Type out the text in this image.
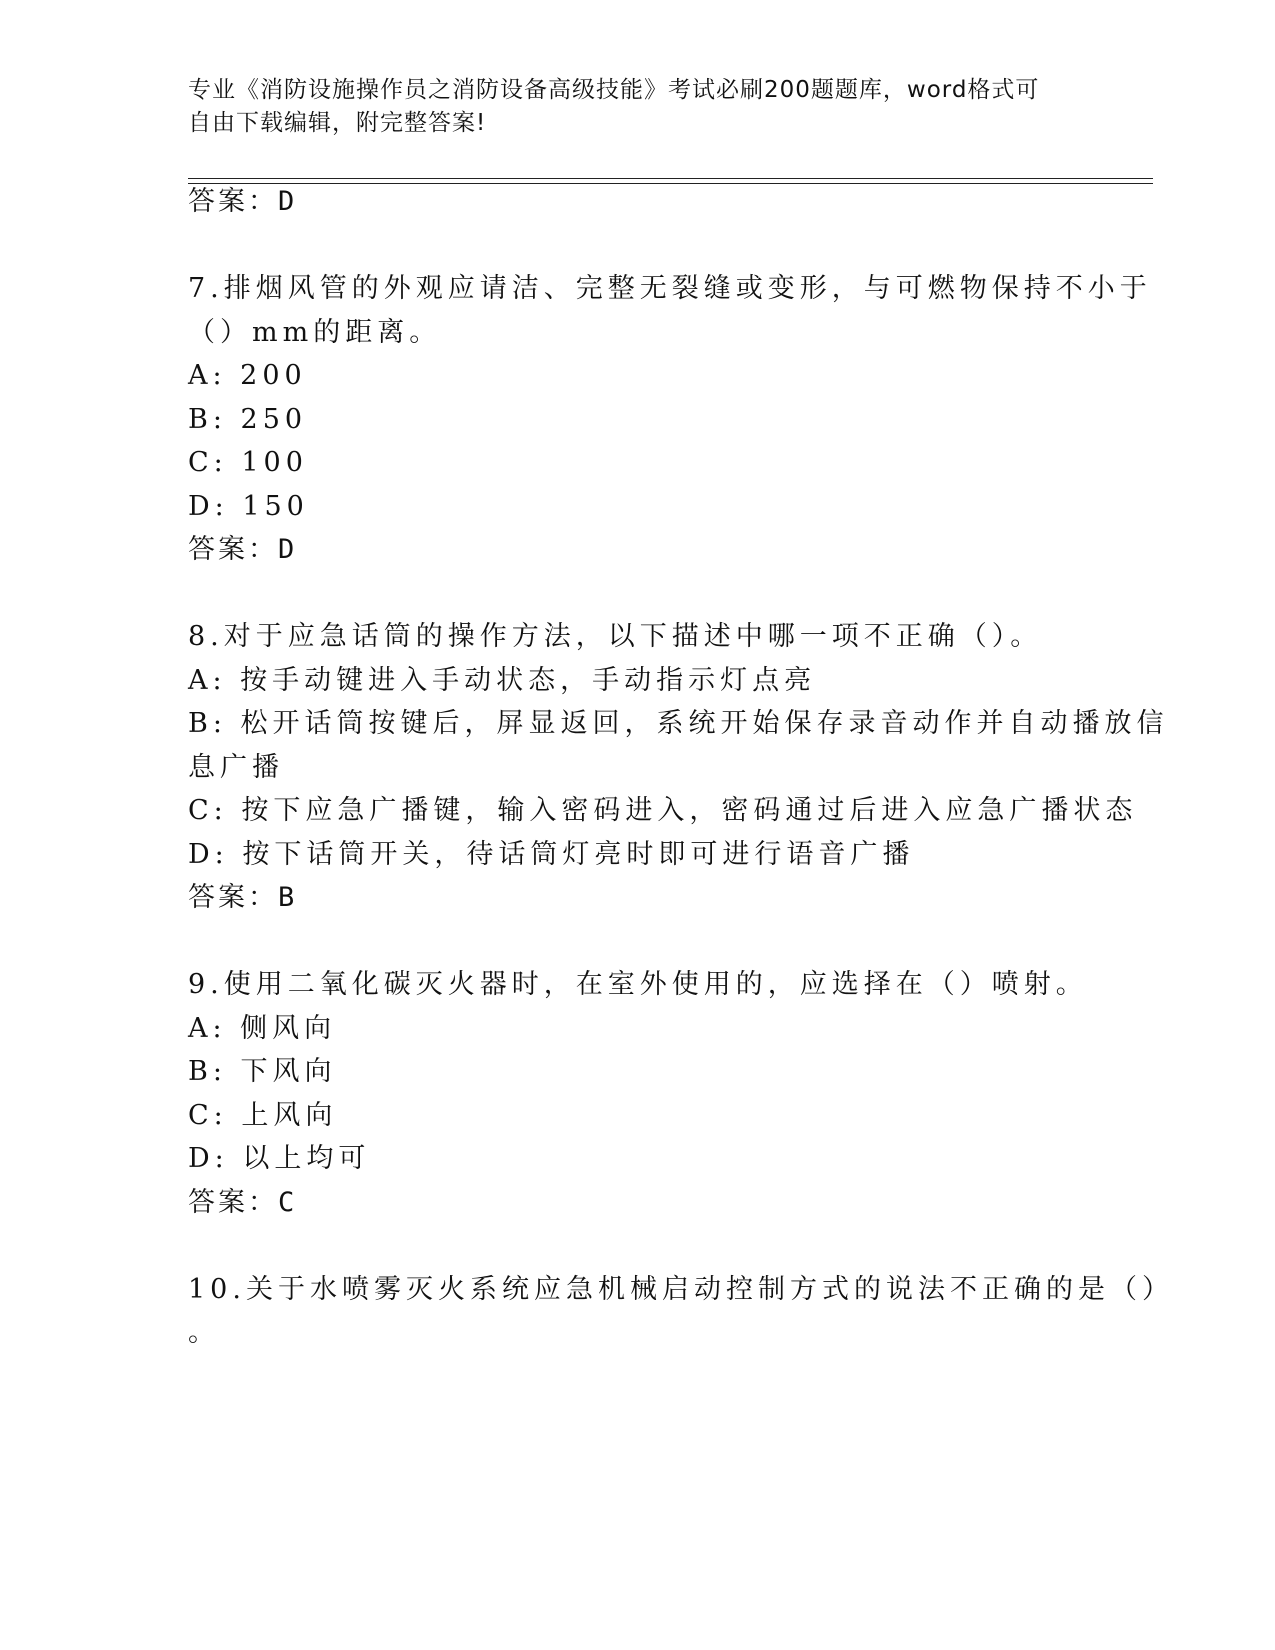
专业《消防设施操作员之消防设备高级技能》考试必刷200题题库，word格式可
自由下载编辑，附完整答案!
答案：D
7.排烟风管的外观应请洁、完整无裂缝或变形，与可燃物保持不小于
（）mm的距离。
A: 200
B: 250
C: 100
D: 150
答案：D
8.对于应急话筒的操作方法，以下描述中哪一项不正确（）。
A: 按手动键进入手动状态，手动指示灯点亮
B: 松开话筒按键后，屏显返回，系统开始保存录音动作并自动播放信
息广播
C: 按下应急广播键，输入密码进入，密码通过后进入应急广播状态
D: 按下话筒开关，待话筒灯亮时即可进行语音广播
答案：B
9.使用二氧化碳灭火器时，在室外使用的，应选择在（）喷射。
A: 侧风向
B: 下风向
C: 上风向
D: 以上均可
答案：C
10.关于水喷雾灭火系统应急机械启动控制方式的说法不正确的是（）
。
